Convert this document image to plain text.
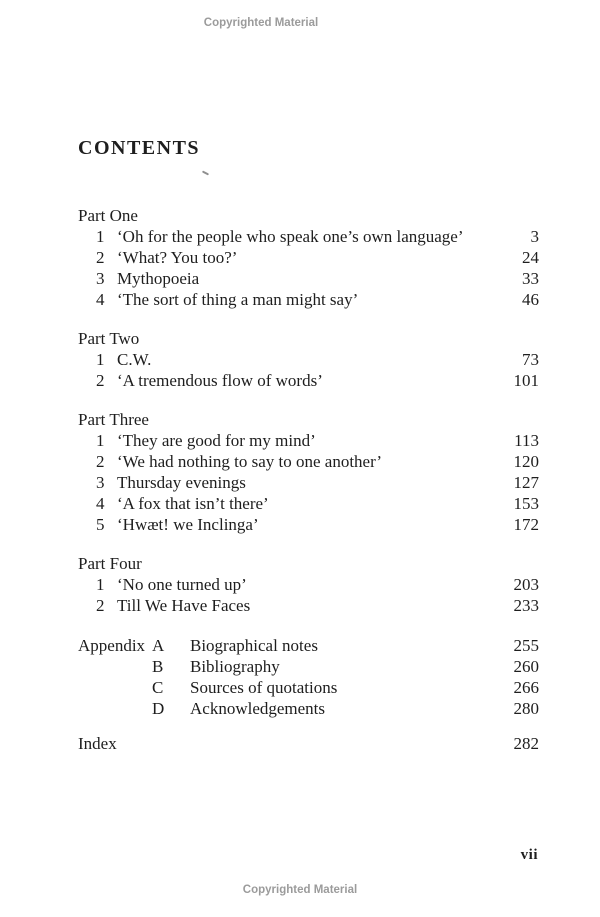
Copyrighted Material
CONTENTS
Part One
1 ‘Oh for the people who speak one’s own language’	3
2 ‘What? You too?’	24
3 Mythopoeia	33
4 ‘The sort of thing a man might say’	46
Part Two
1 C.W.	73
2 ‘A tremendous flow of words’	101
Part Three
1 ‘They are good for my mind’	113
2 ‘We had nothing to say to one another’	120
3 Thursday evenings	127
4 ‘A fox that isn’t there’	153
5 ‘Hwæt! we Inclinga’	172
Part Four
1 ‘No one turned up’	203
2 Till We Have Faces	233
Appendix A	Biographical notes	255
B	Bibliography	260
C	Sources of quotations	266
D	Acknowledgements	280
Index	282
vii
Copyrighted Material
